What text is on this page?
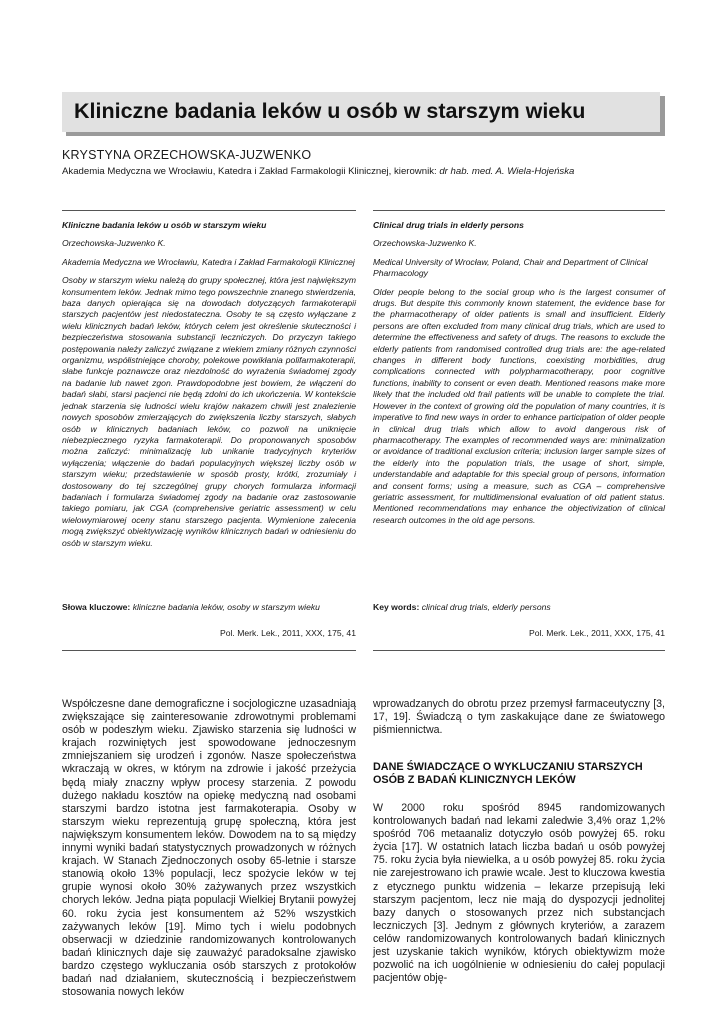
Kliniczne badania leków u osób w starszym wieku
KRYSTYNA ORZECHOWSKA-JUZWENKO
Akademia Medyczna we Wrocławiu, Katedra i Zakład Farmakologii Klinicznej, kierownik: dr hab. med. A. Wiela-Hojeńska

Kliniczne badania leków u osób w starszym wieku

Orzechowska-Juzwenko K.

Akademia Medyczna we Wrocławiu, Katedra i Zakład Farmakologii Klinicznej

Osoby w starszym wieku należą do grupy społecznej, która jest największym konsumentem leków. Jednak mimo tego powszechnie znanego stwierdzenia, baza danych opierająca się na dowodach dotyczących farmakoterapii starszych pacjentów jest niedostateczna. Osoby te są często wyłączane z wielu klinicznych badań leków, których celem jest określenie skuteczności i bezpieczeństwa stosowania substancji leczniczych. Do przyczyn takiego postępowania należy zaliczyć związane z wiekiem zmiany różnych czynności organizmu, współistniejące choroby, polekowe powikłania polifarmakoterapii, słabe funkcje poznawcze oraz niezdolność do wyrażenia świadomej zgody na badanie lub nawet zgon. Prawdopodobne jest bowiem, że włączeni do badań słabi, starsi pacjenci nie będą zdolni do ich ukończenia. W kontekście jednak starzenia się ludności wielu krajów nakazem chwili jest znalezienie nowych sposobów zmierzających do zwiększenia liczby starszych, słabych osób w klinicznych badaniach leków, co pozwoli na uniknięcie niebezpiecznego ryzyka farmakoterapii. Do proponowanych sposobów można zaliczyć: minimalizację lub unikanie tradycyjnych kryteriów wyłączenia; włączenie do badań populacyjnych większej liczby osób w starszym wieku; przedstawienie w sposób prosty, krótki, zrozumiały i dostosowany do tej szczególnej grupy chorych formularza informacji badaniach i formularza świadomej zgody na badanie oraz zastosowanie takiego pomiaru, jak CGA (comprehensive geriatric assessment) w celu wielowymiarowej oceny stanu starszego pacjenta. Wymienione zalecenia mogą zwiększyć obiektywizację wyników klinicznych badań w odniesieniu do osób w starszym wieku.

Słowa kluczowe: kliniczne badania leków, osoby w starszym wieku
Pol. Merk. Lek., 2011, XXX, 175, 41

Clinical drug trials in elderly persons

Orzechowska-Juzwenko K.

Medical University of Wrocław, Poland, Chair and Department of Clinical Pharmacology

Older people belong to the social group who is the largest consumer of drugs. But despite this commonly known statement, the evidence base for the pharmacotherapy of older patients is small and insufficient. Elderly persons are often excluded from many clinical drug trials, which are used to determine the effectiveness and safety of drugs. The reasons to exclude the elderly patients from randomised controlled drug trials are: the age-related changes in different body functions, coexisting morbidities, drug complications connected with polypharmacotherapy, poor cognitive functions, inability to consent or even death. Mentioned reasons make more likely that the included old frail patients will be unable to complete the trial. However in the context of growing old the population of many countries, it is imperative to find new ways in order to enhance participation of older people in clinical drug trials which allow to avoid dangerous risk of pharmacotherapy. The examples of recommended ways are: minimalization or avoidance of traditional exclusion criteria; inclusion larger sample sizes of the elderly into the population trials, the usage of short, simple, understandable and adaptable for this special group of persons, information and consent forms; using a measure, such as CGA – comprehensive geriatric assessment, for multidimensional evaluation of old patient status. Mentioned recommendations may enhance the objectivization of clinical research outcomes in the old age persons.

Key words: clinical drug trials, elderly persons
Pol. Merk. Lek., 2011, XXX, 175, 41

Współczesne dane demograficzne i socjologiczne uzasadniają zwiększające się zainteresowanie zdrowotnymi problemami osób w podeszłym wieku. Zjawisko starzenia się ludności w krajach rozwiniętych jest spowodowane jednoczesnym zmniejszaniem się urodzeń i zgonów. Nasze społeczeństwa wkraczają w okres, w którym na zdrowie i jakość przeżycia będą miały znaczny wpływ procesy starzenia. Z powodu dużego nakładu kosztów na opiekę medyczną nad osobami starszymi bardzo istotna jest farmakoterapia. Osoby w starszym wieku reprezentują grupę społeczną, która jest największym konsumentem leków. Dowodem na to są między innymi wyniki badań statystycznych prowadzonych w różnych krajach. W Stanach Zjednoczonych osoby 65-letnie i starsze stanowią około 13% populacji, lecz spożycie leków w tej grupie wynosi około 30% zażywanych przez wszystkich chorych leków. Jedna piąta populacji Wielkiej Brytanii powyżej 60. roku życia jest konsumentem aż 52% wszystkich zażywanych leków [19]. Mimo tych i wielu podobnych obserwacji w dziedzinie randomizowanych kontrolowanych badań klinicznych daje się zauważyć paradoksalne zjawisko bardzo częstego wykluczania osób starszych z protokołów badań nad działaniem, skutecznością i bezpieczeństwem stosowania nowych leków

wprowadzanych do obrotu przez przemysł farmaceutyczny [3, 17, 19]. Świadczą o tym zaskakujące dane ze światowego piśmiennictwa.

DANE ŚWIADCZĄCE O WYKLUCZANIU STARSZYCH OSÓB Z BADAŃ KLINICZNYCH LEKÓW

W 2000 roku spośród 8945 randomizowanych kontrolowanych badań nad lekami zaledwie 3,4% oraz 1,2% spośród 706 metaanaliz dotyczyło osób powyżej 65. roku życia [17]. W ostatnich latach liczba badań u osób powyżej 75. roku życia była niewielka, a u osób powyżej 85. roku życia nie zarejestrowano ich prawie wcale. Jest to kluczowa kwestia z etycznego punktu widzenia – lekarze przepisują leki starszym pacjentom, lecz nie mają do dyspozycji jednolitej bazy danych o stosowanych przez nich substancjach leczniczych [3]. Jednym z głównych kryteriów, a zarazem celów randomizowanych kontrolowanych badań klinicznych jest uzyskanie takich wyników, których obiektywizm może pozwolić na ich uogólnienie w odniesieniu do całej populacji pacjentów obję-
